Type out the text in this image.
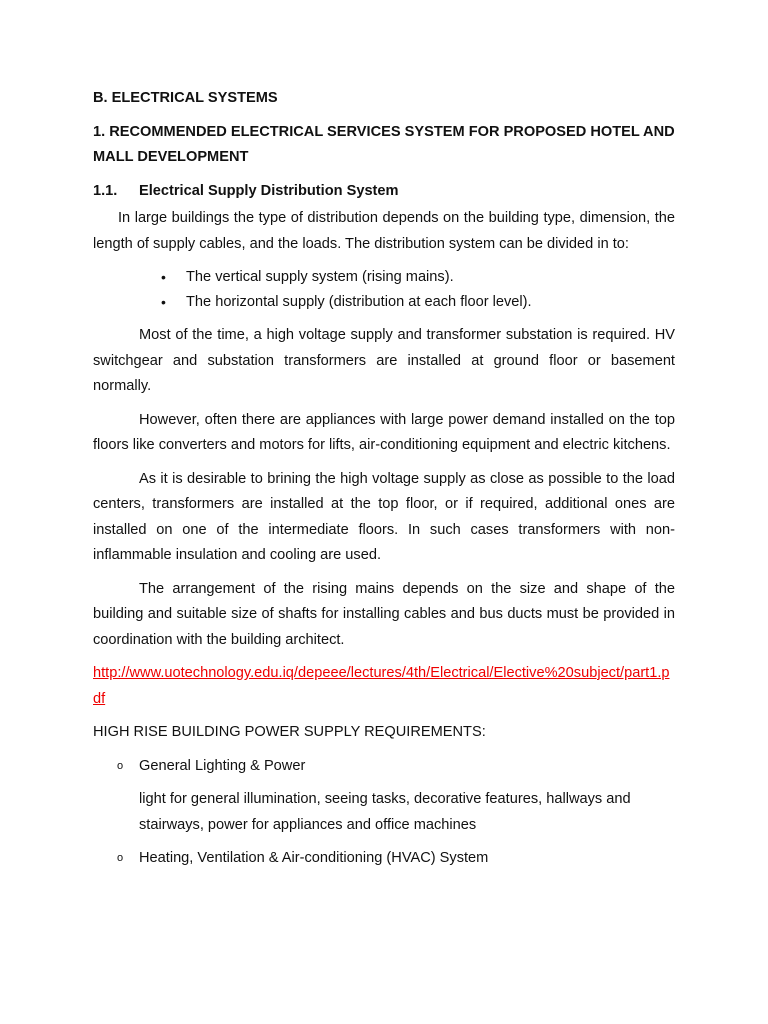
B. ELECTRICAL SYSTEMS
1. RECOMMENDED ELECTRICAL SERVICES SYSTEM FOR PROPOSED HOTEL AND MALL DEVELOPMENT
1.1.	Electrical Supply Distribution System

In large buildings the type of distribution depends on the building type, dimension, the length of supply cables, and the loads. The distribution system can be divided in to:

• The vertical supply system (rising mains).
• The horizontal supply (distribution at each floor level).

Most of the time, a high voltage supply and transformer substation is required. HV switchgear and substation transformers are installed at ground floor or basement normally.

However, often there are appliances with large power demand installed on the top floors like converters and motors for lifts, air-conditioning equipment and electric kitchens.

As it is desirable to brining the high voltage supply as close as possible to the load centers, transformers are installed at the top floor, or if required, additional ones are installed on one of the intermediate floors. In such cases transformers with non-inflammable insulation and cooling are used.

The arrangement of the rising mains depends on the size and shape of the building and suitable size of shafts for installing cables and bus ducts must be provided in coordination with the building architect.

http://www.uotechnology.edu.iq/depeee/lectures/4th/Electrical/Elective%20subject/part1.pdf
HIGH RISE BUILDING POWER SUPPLY REQUIREMENTS:
o General Lighting & Power
light for general illumination, seeing tasks, decorative features, hallways and stairways, power for appliances and office machines
o Heating, Ventilation & Air-conditioning (HVAC) System
